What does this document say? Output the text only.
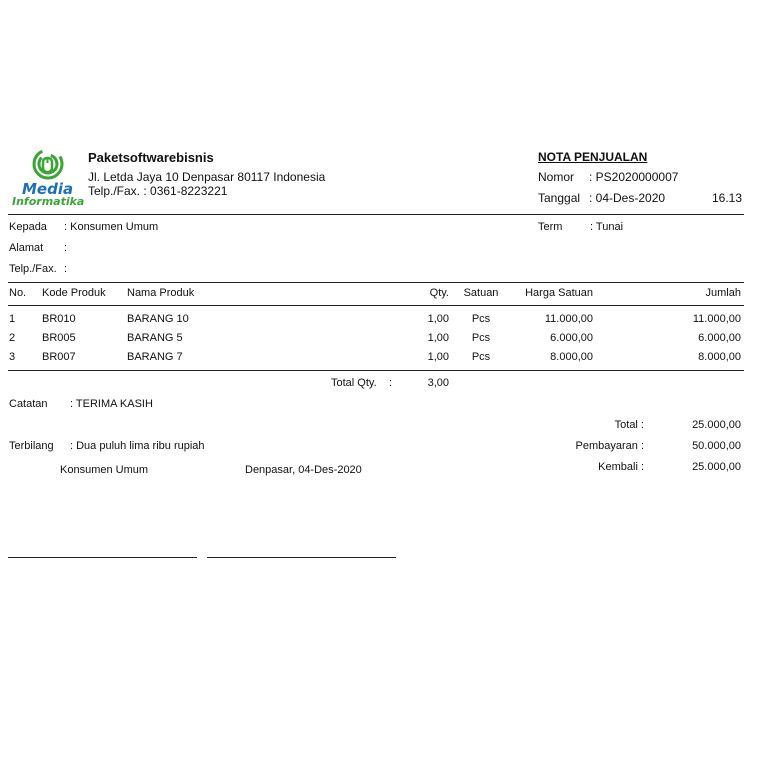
Media
Informatika
Paketsoftwarebisnis
Jl. Letda Jaya 10 Denpasar 80117 Indonesia
Telp./Fax. : 0361-8223221
NOTA PENJUALAN
Nomor : PS2020000007
Tanggal : 04-Des-2020	16.13
Kepada : Konsumen Umum
Alamat :
Telp./Fax. :
Term	: Tunai
No. Kode Produk Nama Produk	Qty.	Satuan	Harga Satuan	Jumlah
1 BR010	BARANG 10	1,00	Pcs	11.000,00	11.000,00
2 BR005	BARANG 5	1,00	Pcs	6.000,00	6.000,00
3 BR007	BARANG 7	1,00	Pcs	8.000,00	8.000,00
Total Qty. :	3,00
Catatan : TERIMA KASIH
Terbilang : Dua puluh lima ribu rupiah
Total :	25.000,00
Pembayaran :	50.000,00
Kembali :	25.000,00
Konsumen Umum	Denpasar, 04-Des-2020
